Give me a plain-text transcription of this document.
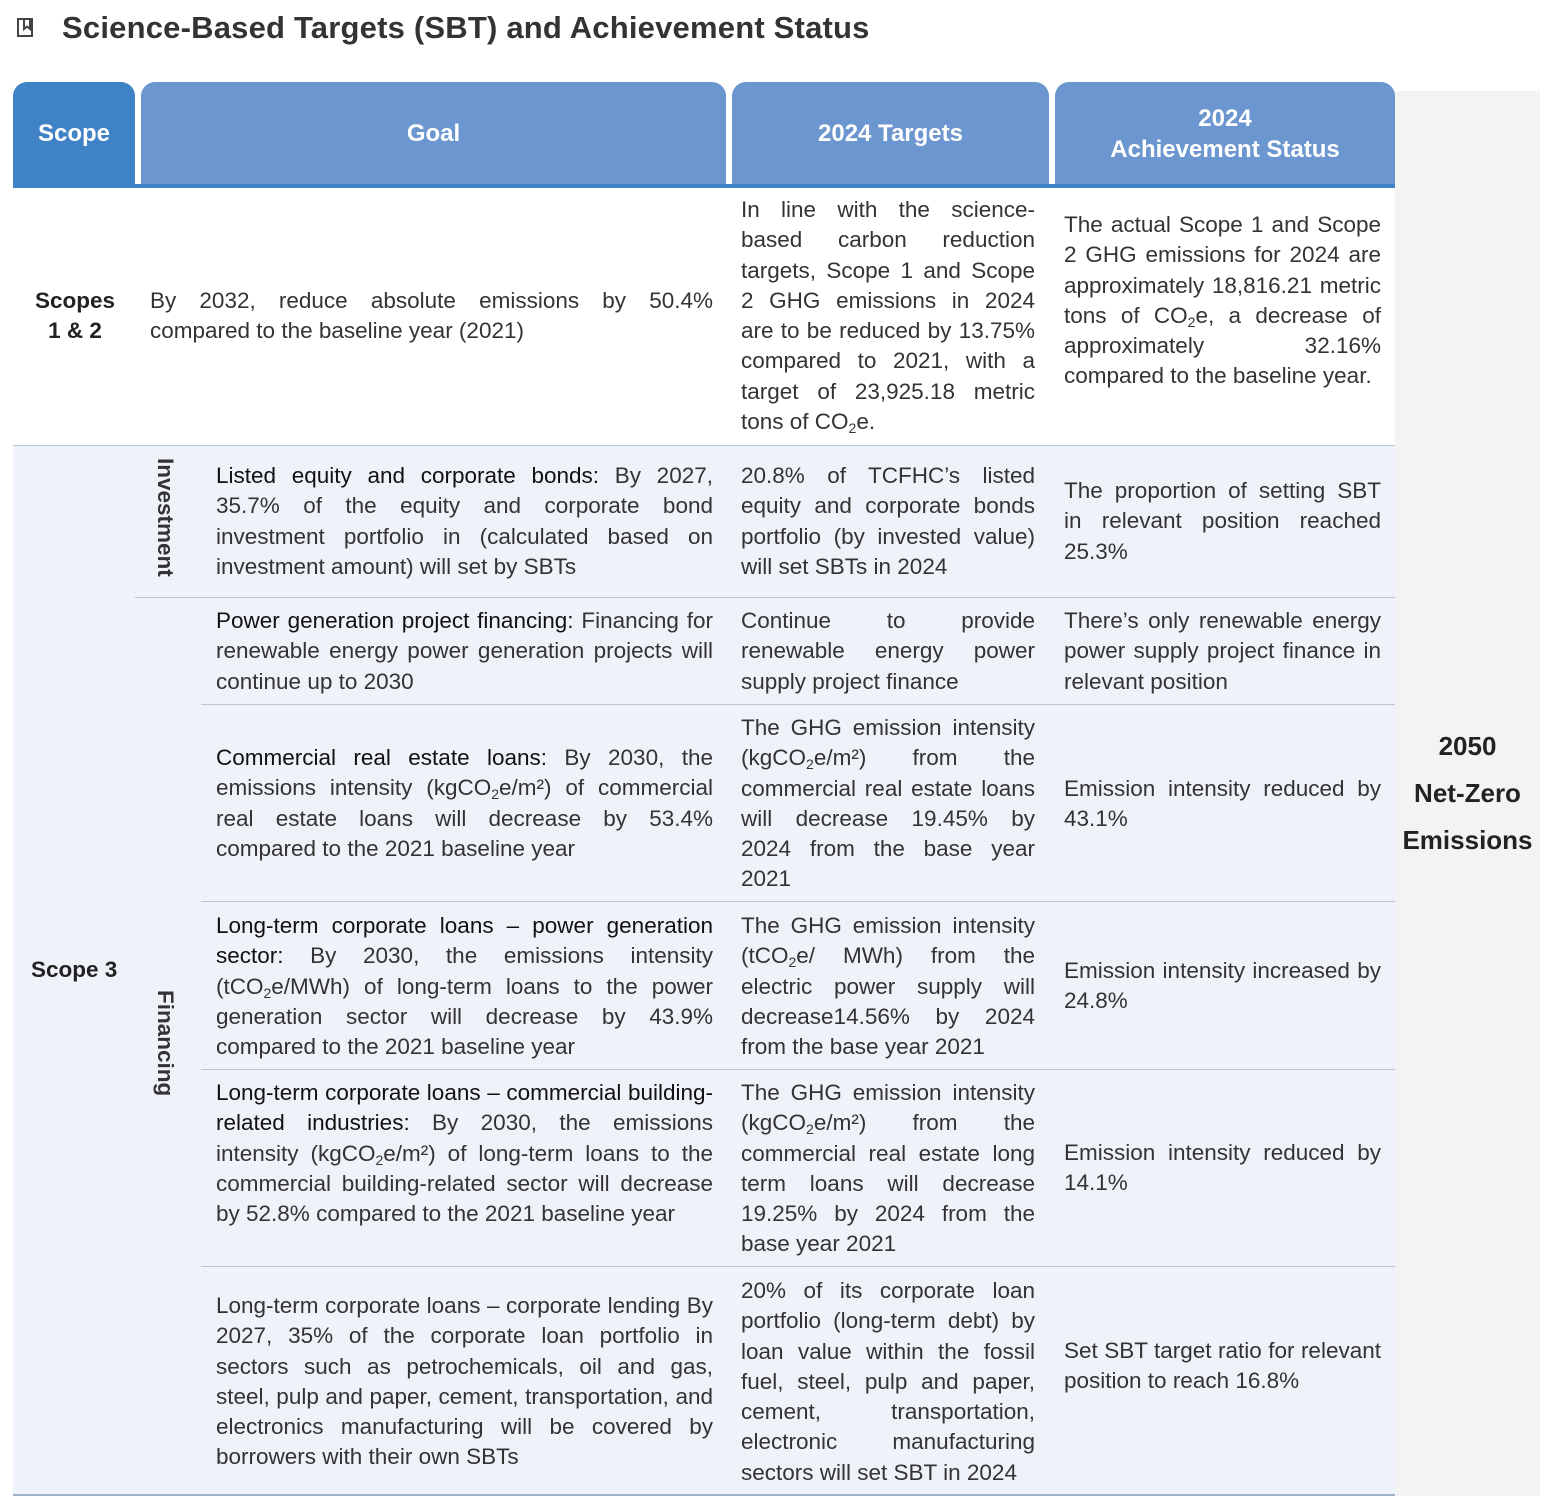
Science-Based Targets (SBT) and Achievement Status
2050
Net-Zero
Emissions
Scope	Goal	2024 Targets
2024
Achievement Status
Scopes
1 & 2
By 2032, reduce absolute emissions by 50.4% compared to the baseline year (2021)
In line with the science-based carbon reduction targets, Scope 1 and Scope 2 GHG emissions in 2024 are to be reduced by 13.75% compared to 2021, with a target of 23,925.18 metric tons of $CO_2e$.
The actual Scope 1 and Scope 2 GHG emissions for 2024 are approximately 18,816.21 metric tons of $CO_2e$, a decrease of approximately 32.16% compared to the baseline year.
Scope 3
Investment
Financing
Listed equity and corporate bonds: By 2027, 35.7% of the equity and corporate bond investment portfolio in (calculated based on investment amount) will set by SBTs
20.8% of TCFHC’s listed equity and corporate bonds portfolio (by invested value) will set SBTs in 2024
The proportion of setting SBT in relevant position reached 25.3%
Power generation project financing: Financing for renewable energy power generation projects will continue up to 2030
Continue to provide renewable energy power supply project finance
There’s only renewable energy power supply project finance in relevant position
Commercial real estate loans: By 2030, the emissions intensity (kgCO$_2$e/m²) of commercial real estate loans will decrease by 53.4% compared to the 2021 baseline year
The GHG emission intensity (kgCO$_2$e/m²) from the commercial real estate loans will decrease 19.45% by 2024 from the base year 2021
Emission intensity reduced by 43.1%
Long-term corporate loans – power generation sector: By 2030, the emissions intensity (tCO$_2$e/MWh) of long-term loans to the power generation sector will decrease by 43.9% compared to the 2021 baseline year
The GHG emission intensity (tCO$_2$e/ MWh) from the electric power supply will decrease14.56% by 2024 from the base year 2021
Emission intensity increased by 24.8%
Long-term corporate loans – commercial building-related industries: By 2030, the emissions intensity (kgCO$_2$e/m²) of long-term loans to the commercial building-related sector will decrease by 52.8% compared to the 2021 baseline year
The GHG emission intensity (kgCO$_2$e/m²) from the commercial real estate long term loans will decrease 19.25% by 2024 from the base year 2021
Emission intensity reduced by 14.1%
Long-term corporate loans – corporate lending By 2027, 35% of the corporate loan portfolio in sectors such as petrochemicals, oil and gas, steel, pulp and paper, cement, transportation, and electronics manufacturing will be covered by borrowers with their own SBTs
20% of its corporate loan portfolio (long-term debt) by loan value within the fossil fuel, steel, pulp and paper, cement, transportation, electronic manufacturing sectors will set SBT in 2024
Set SBT target ratio for relevant position to reach 16.8%
